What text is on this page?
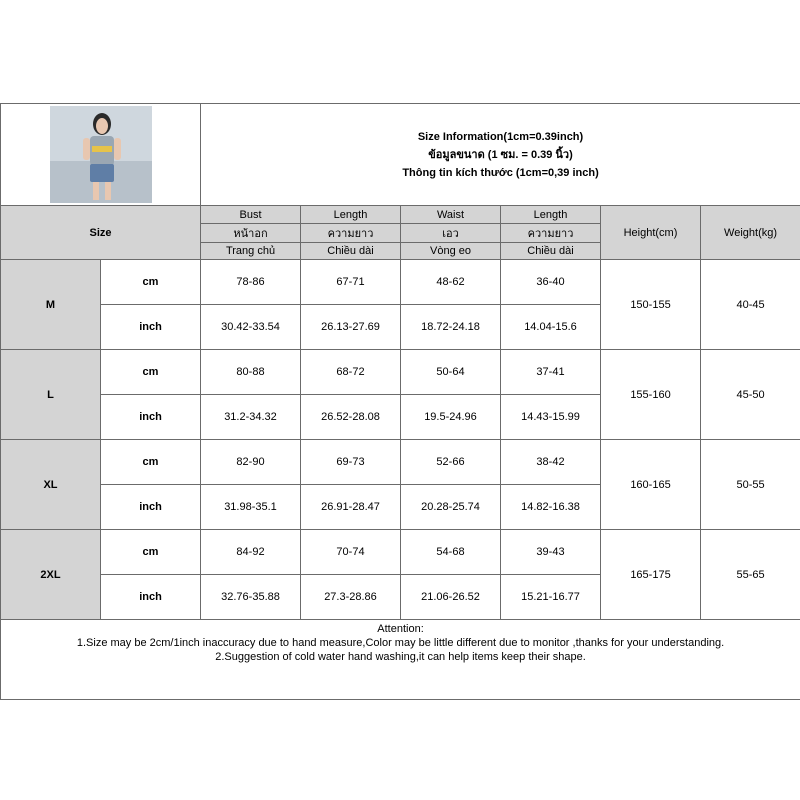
Size Information(1cm=0.39inch)
ข้อมูลขนาด (1 ซม. = 0.39 นิ้ว)
Thông tin kích thước (1cm=0,39 inch)					

Size		Bust	Length	Waist	Length	Height(cm)	Weight(kg)
		หน้าอก	ความยาว	เอว	ความยาว		
		Trang chủ	Chiều dài	Vòng eo	Chiều dài		
M	cm	78-86	67-71	48-62	36-40	150-155	40-45
	inch	30.42-33.54	26.13-27.69	18.72-24.18	14.04-15.6		
L	cm	80-88	68-72	50-64	37-41	155-160	45-50
	inch	31.2-34.32	26.52-28.08	19.5-24.96	14.43-15.99		
XL	cm	82-90	69-73	52-66	38-42	160-165	50-55
	inch	31.98-35.1	26.91-28.47	20.28-25.74	14.82-16.38		
2XL	cm	84-92	70-74	54-68	39-43	165-175	55-65
	inch	32.76-35.88	27.3-28.86	21.06-26.52	15.21-16.77		

Attention:
1.Size may be 2cm/1inch inaccuracy due to hand measure,Color may be little different due to monitor ,thanks for your understanding.
2.Suggestion of cold water hand washing,it can help items keep their shape.							
